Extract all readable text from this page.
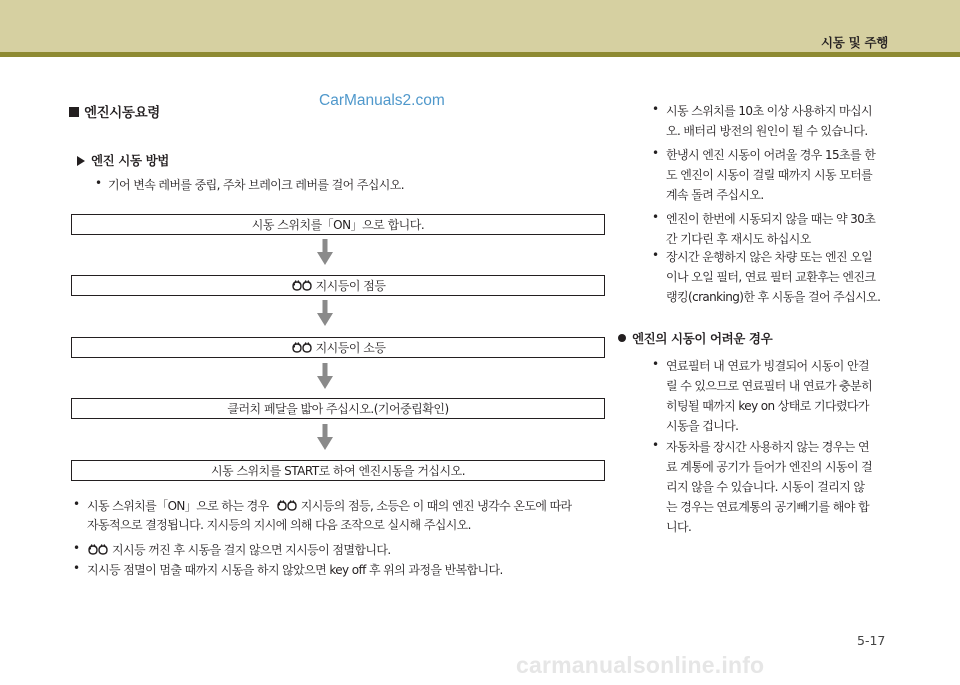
시동 및 주행
CarManuals2.com
엔진시동요령
엔진 시동 방법
• 기어 변속 레버를 중립, 주차 브레이크 레버를 걸어 주십시오.
시동 스위치를「ON」으로 합니다.
지시등이 점등
지시등이 소등
클러치 페달을 밟아 주십시오.(기어중립확인)
시동 스위치를 START로 하여 엔진시동을 거십시오.
• 시동 스위치를「ON」으로 하는 경우	지시등의 점등, 소등은 이 때의 엔진 냉각수 온도에 따라
자동적으로 결정됩니다. 지시등의 지시에 의해 다음 조작으로 실시해 주십시오.
•	지시등 꺼진 후 시동을 걸지 않으면 지시등이 점멸합니다.
• 지시등 점멸이 멈출 때까지 시동을 하지 않았으면 key off 후 위의 과정을 반복합니다.
• 시동 스위치를 10초 이상 사용하지 마십시
오. 배터리 방전의 원인이 될 수 있습니다.
• 한냉시 엔진 시동이 어려울 경우 15초를 한
도 엔진이 시동이 걸릴 때까지 시동 모터를
계속 돌려 주십시오.
• 엔진이 한번에 시동되지 않을 때는 약 30초
간 기다린 후 재시도 하십시오
• 장시간 운행하지 않은 차량 또는 엔진 오일
이나 오일 필터, 연료 필터 교환후는 엔진크
랭킹(cranking)한 후 시동을 걸어 주십시오.
엔진의 시동이 어려운 경우
• 연료필터 내 연료가 빙결되어 시동이 안걸
릴 수 있으므로 연료필터 내 연료가 충분히
히팅될 때까지 key on 상태로 기다렸다가
시동을 겁니다.
• 자동차를 장시간 사용하지 않는 경우는 연
료 계통에 공기가 들어가 엔진의 시동이 걸
리지 않을 수 있습니다. 시동이 걸리지 않
는 경우는 연료계통의 공기빼기를 해야 합
니다.
5-17
carmanualsonline.info
